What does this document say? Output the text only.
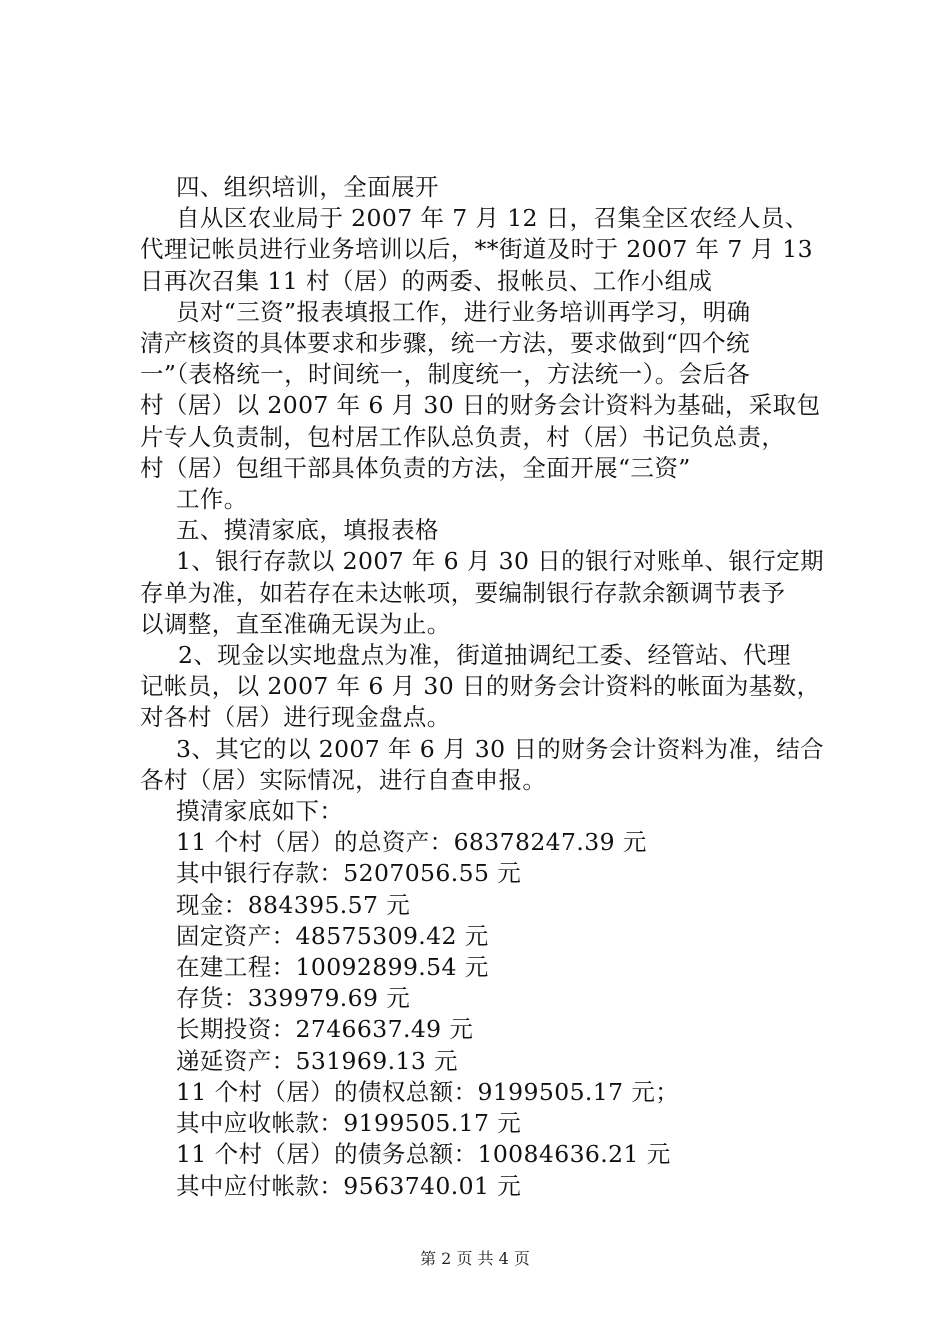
四、组织培训，全面展开
自从区农业局于 2007 年 7 月 12 日，召集全区农经人员、
代理记帐员进行业务培训以后，**街道及时于 2007 年 7 月 13
日再次召集 11 村（居）的两委、报帐员、工作小组成
员对“三资”报表填报工作，进行业务培训再学习，明确
清产核资的具体要求和步骤，统一方法，要求做到“四个统
一”（表格统一，时间统一，制度统一，方法统一）。会后各
村（居）以 2007 年 6 月 30 日的财务会计资料为基础，采取包
片专人负责制，包村居工作队总负责，村（居）书记负总责，
村（居）包组干部具体负责的方法，全面开展“三资”
工作。
五、摸清家底，填报表格
1、银行存款以 2007 年 6 月 30 日的银行对账单、银行定期
存单为准，如若存在未达帐项，要编制银行存款余额调节表予
以调整，直至准确无误为止。
2、现金以实地盘点为准，街道抽调纪工委、经管站、代理
记帐员，以 2007 年 6 月 30 日的财务会计资料的帐面为基数，
对各村（居）进行现金盘点。
3、其它的以 2007 年 6 月 30 日的财务会计资料为准，结合
各村（居）实际情况，进行自查申报。
摸清家底如下：
11 个村（居）的总资产：68378247.39 元
其中银行存款：5207056.55 元
现金：884395.57 元
固定资产：48575309.42 元
在建工程：10092899.54 元
存货：339979.69 元
长期投资：2746637.49 元
递延资产：531969.13 元
11 个村（居）的债权总额：9199505.17 元；
其中应收帐款：9199505.17 元
11 个村（居）的债务总额：10084636.21 元
其中应付帐款：9563740.01 元
第 2 页 共 4 页
